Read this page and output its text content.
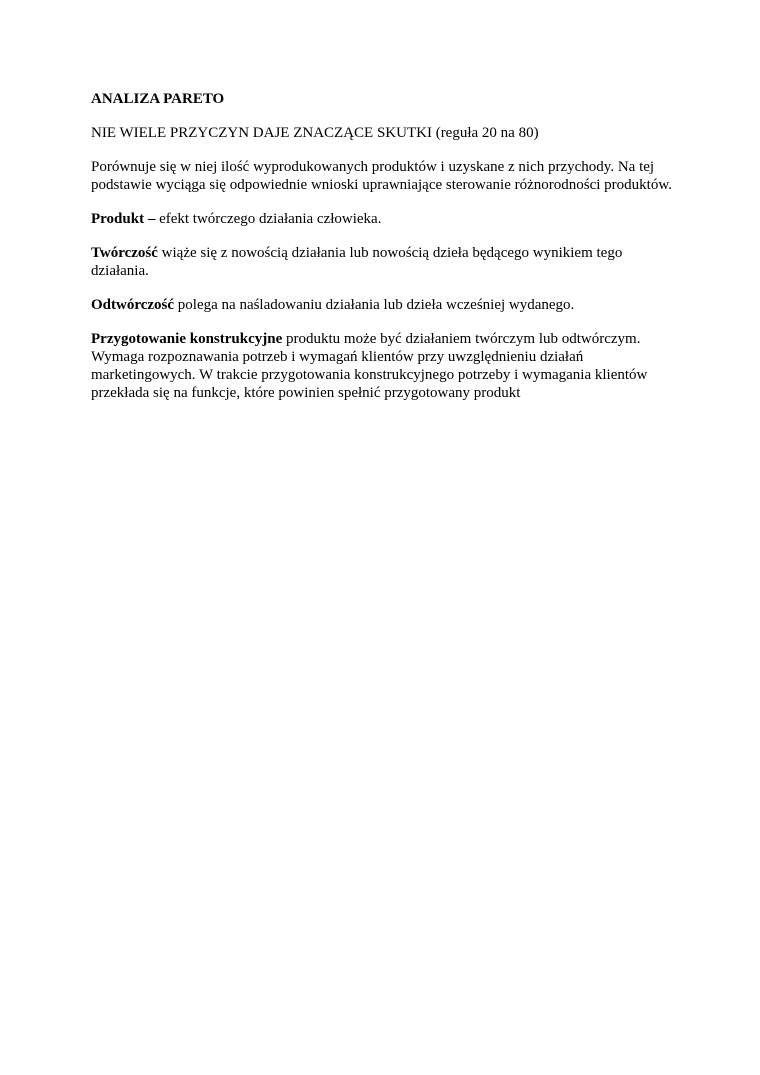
ANALIZA PARETO

NIE WIELE PRZYCZYN DAJE ZNACZĄCE SKUTKI (reguła 20 na 80)

Porównuje się w niej ilość wyprodukowanych produktów i uzyskane z nich przychody. Na tej podstawie wyciąga się odpowiednie wnioski uprawniające sterowanie różnorodności produktów.

Produkt – efekt twórczego działania człowieka.

Twórczość wiąże się z nowością działania lub nowością dzieła będącego wynikiem tego działania.

Odtwórczość polega na naśladowaniu działania lub dzieła wcześniej wydanego.

Przygotowanie konstrukcyjne produktu może być działaniem twórczym lub odtwórczym. Wymaga rozpoznawania potrzeb i wymagań klientów przy uwzględnieniu działań marketingowych. W trakcie przygotowania konstrukcyjnego potrzeby i wymagania klientów przekłada się na funkcje, które powinien spełnić przygotowany produkt
